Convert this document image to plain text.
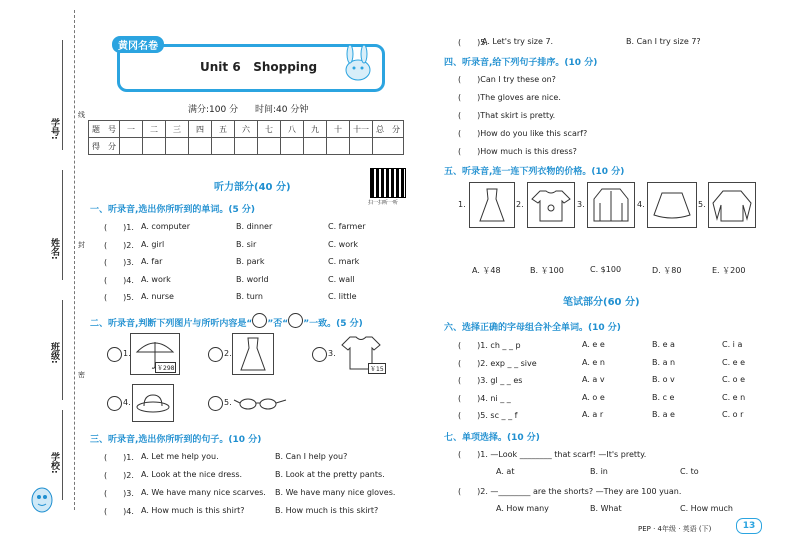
学号:
姓名:
班级:
学校:
线
封
密
黄冈名卷
Unit 6   Shopping
满分:100 分 时间:40 分钟
题　号	一	二	三	四	五	六	七	八	九	十	十一	总　分
得　分												
听力部分(40 分)
扫一扫听一听
一、听录音,选出你所听到的单词。(5 分)
(　　)1. A. computer	B. dinner	C. farmer
(　　)2. A. girl	B. sir	C. work
(　　)3. A. far	B. park	C. mark
(　　)4. A. work	B. world	C. wall
(　　)5. A. nurse	B. turn	C. little
二、听录音,判断下列图片与所听内容是“ ”否“ ”一致。(5 分)
1.
￥298
2.	3.
￥15
4.	5.
三、听录音,选出你所听到的句子。(10 分)
(　　)1. A. Let me help you.	B. Can I help you?
(　　)2. A. Look at the nice dress.	B. Look at the pretty pants.
(　　)3. A. We have many nice scarves. B. We have many nice gloves.
(　　)4. A. How much is this shirt?	B. How much is this skirt?
(　　)5.
A. Let's try size 7.	B. Can I try size 7?
四、听录音,给下列句子排序。(10 分)
(　　)Can I try these on?
(　　)The gloves are nice.
(　　)That skirt is pretty.
(　　)How do you like this scarf?
(　　)How much is this dress?
五、听录音,连一连下列衣物的价格。(10 分)
1.	2.	3.	4.	5.
A. ￥48	B. ￥100	C. $100	D. ￥80	E. ￥200
笔试部分(60 分)
六、选择正确的字母组合补全单词。(10 分)
(　　)1. ch _ _ p	A. e e	B. e a	C. i a
(　　)2. exp _ _ sive	A. e n	B. a n	C. e e
(　　)3. gl _ _ es	A. a v	B. o v	C. o e
(　　)4. ni _ _	A. o e	B. c e	C. e n
(　　)5. sc _ _ f	A. a r	B. a e	C. o r
七、单项选择。(10 分)
(　　)1. —Look ________ that scarf! —It's pretty.
A. at	B. in	C. to
(　　)2. —________ are the shorts? —They are 100 yuan.
A. How many	B. What	C. How much
PEP · 4年级 · 英语 (下)	13
